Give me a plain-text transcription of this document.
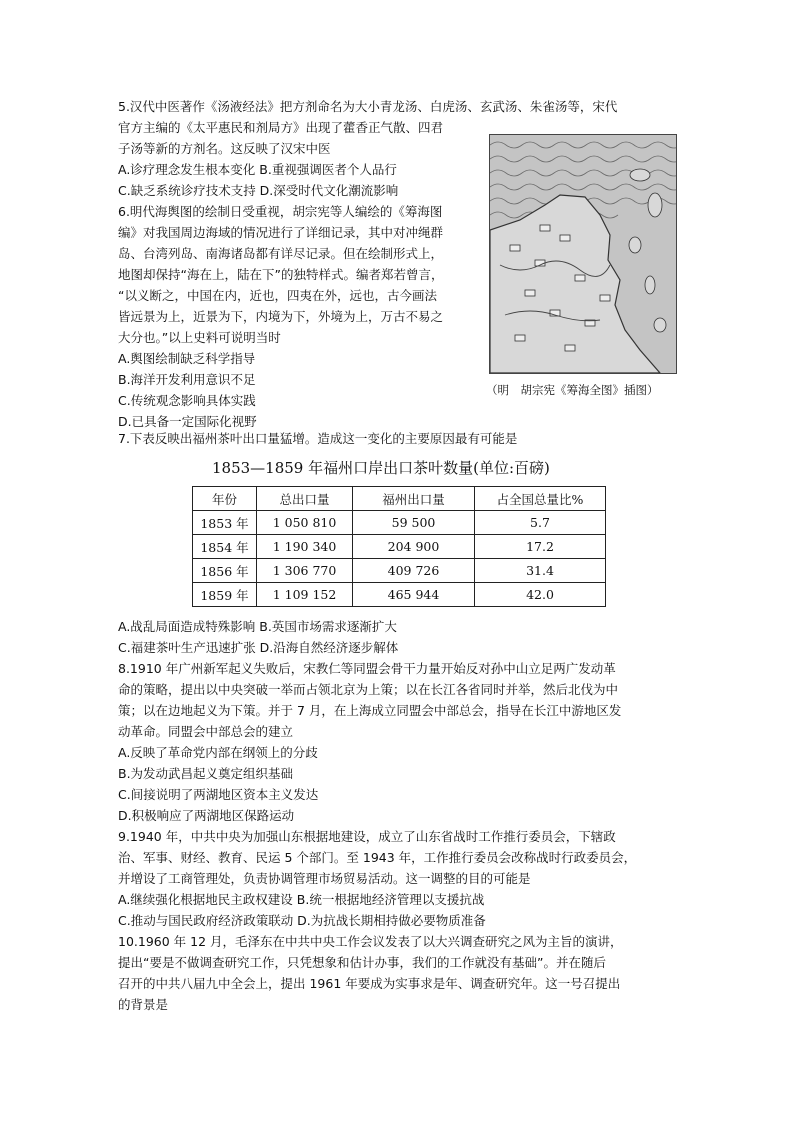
5.汉代中医著作《汤液经法》把方剂命名为大小青龙汤、白虎汤、玄武汤、朱雀汤等，宋代
官方主编的《太平惠民和剂局方》出现了藿香正气散、四君
子汤等新的方剂名。这反映了汉宋中医
A.诊疗理念发生根本变化 B.重视强调医者个人品行
C.缺乏系统诊疗技术支持 D.深受时代文化潮流影响
6.明代海舆图的绘制日受重视，胡宗宪等人编绘的《筹海图
编》对我国周边海域的情况进行了详细记录，其中对冲绳群
岛、台湾列岛、南海诸岛都有详尽记录。但在绘制形式上，
地图却保持“海在上，陆在下”的独特样式。编者郑若曾言，
“以义断之，中国在内，近也，四夷在外，远也，古今画法
皆远景为上，近景为下，内境为下，外境为上，万古不易之
大分也。”以上史料可说明当时
A.舆图绘制缺乏科学指导
B.海洋开发利用意识不足
C.传统观念影响具体实践
D.已具备一定国际化视野
（明　胡宗宪《筹海全图》插图）
7.下表反映出福州茶叶出口量猛增。造成这一变化的主要原因最有可能是
1853—1859 年福州口岸出口茶叶数量(单位:百磅)
年份	总出口量	福州出口量	占全国总量比%
1853 年	1 050 810	59 500	5.7
1854 年	1 190 340	204 900	17.2
1856 年	1 306 770	409 726	31.4
1859 年	1 109 152	465 944	42.0
A.战乱局面造成特殊影响 B.英国市场需求逐渐扩大
C.福建茶叶生产迅速扩张 D.沿海自然经济逐步解体
8.1910 年广州新军起义失败后，宋教仁等同盟会骨干力量开始反对孙中山立足两广发动革
命的策略，提出以中央突破一举而占领北京为上策；以在长江各省同时并举，然后北伐为中
策；以在边地起义为下策。并于 7 月，在上海成立同盟会中部总会，指导在长江中游地区发
动革命。同盟会中部总会的建立
A.反映了革命党内部在纲领上的分歧
B.为发动武昌起义奠定组织基础
C.间接说明了两湖地区资本主义发达
D.积极响应了两湖地区保路运动
9.1940 年，中共中央为加强山东根据地建设，成立了山东省战时工作推行委员会，下辖政
治、军事、财经、教育、民运 5 个部门。至 1943 年，工作推行委员会改称战时行政委员会，
并增设了工商管理处，负责协调管理市场贸易活动。这一调整的目的可能是
A.继续强化根据地民主政权建设 B.统一根据地经济管理以支援抗战
C.推动与国民政府经济政策联动 D.为抗战长期相持做必要物质准备
10.1960 年 12 月，毛泽东在中共中央工作会议发表了以大兴调查研究之风为主旨的演讲，
提出“要是不做调查研究工作，只凭想象和估计办事，我们的工作就没有基础”。并在随后
召开的中共八届九中全会上，提出 1961 年要成为实事求是年、调查研究年。这一号召提出
的背景是
